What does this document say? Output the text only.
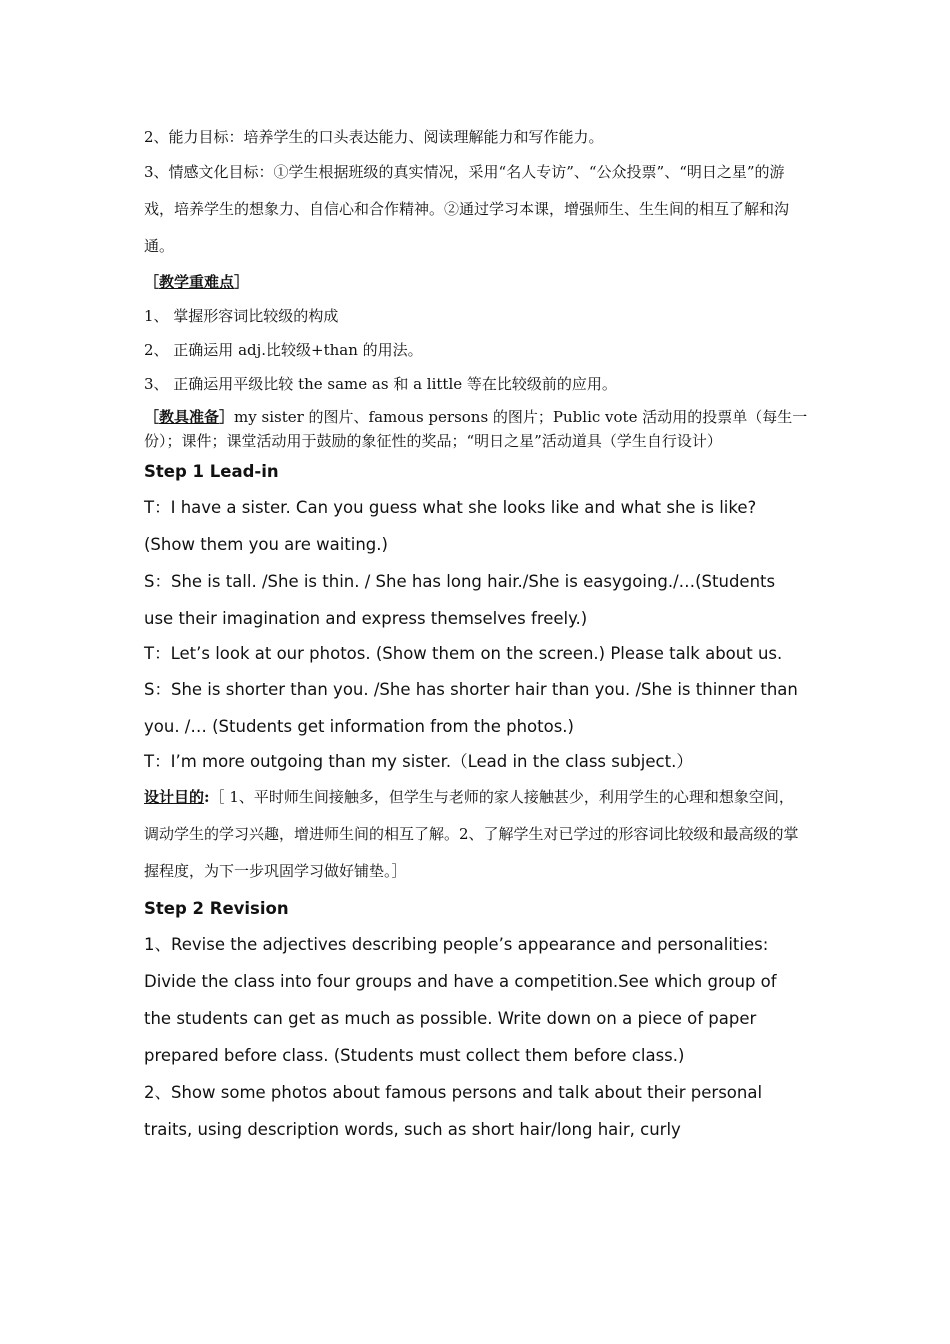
2、能力目标：培养学生的口头表达能力、阅读理解能力和写作能力。

3、情感文化目标：①学生根据班级的真实情况，采用“名人专访”、“公众投票”、“明日之星”的游戏，培养学生的想象力、自信心和合作精神。②通过学习本课，增强师生、生生间的相互了解和沟通。

［教学重难点］

1、 掌握形容词比较级的构成

2、 正确运用 adj.比较级+than 的用法。

3、 正确运用平级比较 the same as 和 a little 等在比较级前的应用。

［教具准备］my sister 的图片、famous persons 的图片；Public vote 活动用的投票单（每生一份）；课件；课堂活动用于鼓励的象征性的奖品；“明日之星”活动道具（学生自行设计）

Step 1 Lead-in

T：I have a sister. Can you guess what she looks like and what she is like? (Show them you are waiting.)

S：She is tall. /She is thin. / She has long hair./She is easygoing./…(Students use their imagination and express themselves freely.)

T：Let’s look at our photos. (Show them on the screen.) Please talk about us.

S：She is shorter than you. /She has shorter hair than you. /She is thinner than you. /… (Students get information from the photos.)

T：I’m more outgoing than my sister.（Lead in the class subject.）

设计目的:［ 1、平时师生间接触多，但学生与老师的家人接触甚少，利用学生的心理和想象空间，调动学生的学习兴趣，增进师生间的相互了解。2、了解学生对已学过的形容词比较级和最高级的掌握程度，为下一步巩固学习做好铺垫。］

Step 2 Revision

1、Revise the adjectives describing people’s appearance and personalities: Divide the class into four groups and have a competition.See which group of the students can get as much as possible. Write down on a piece of paper prepared before class. (Students must collect them before class.)

2、Show some photos about famous persons and talk about their personal traits, using description words, such as short hair/long hair, curly
